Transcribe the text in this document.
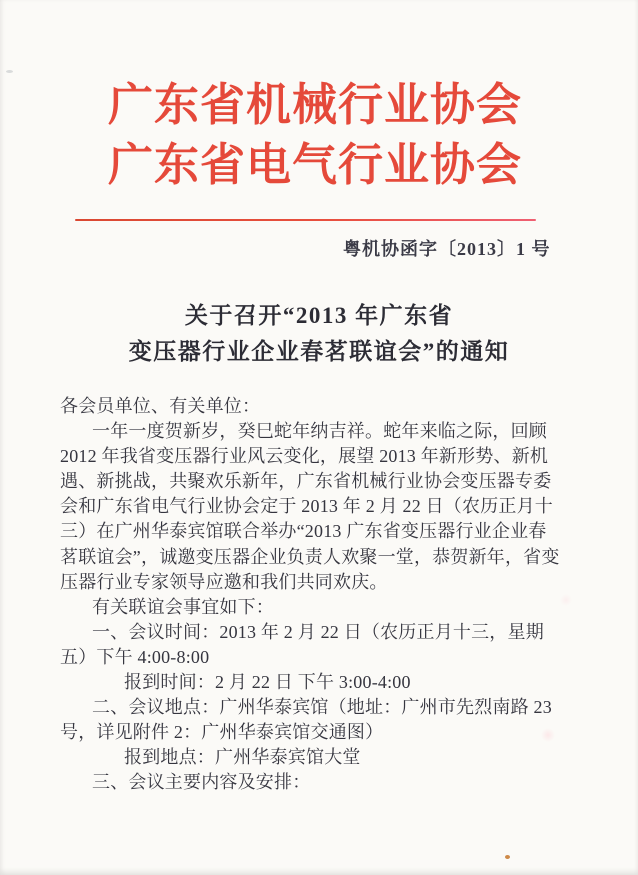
广东省机械行业协会
广东省电气行业协会
粤机协函字〔2013〕1 号
关于召开“2013 年广东省
变压器行业企业春茗联谊会”的通知
各会员单位、有关单位：
一年一度贺新岁，癸巳蛇年纳吉祥。蛇年来临之际，回顾
2012 年我省变压器行业风云变化，展望 2013 年新形势、新机
遇、新挑战，共聚欢乐新年，广东省机械行业协会变压器专委
会和广东省电气行业协会定于 2013 年 2 月 22 日（农历正月十
三）在广州华泰宾馆联合举办“2013 广东省变压器行业企业春
茗联谊会”，诚邀变压器企业负责人欢聚一堂，恭贺新年，省变
压器行业专家领导应邀和我们共同欢庆。
有关联谊会事宜如下：
一、会议时间：2013 年 2 月 22 日（农历正月十三，星期
五）下午 4:00-8:00
报到时间：2 月 22 日 下午 3:00-4:00
二、会议地点：广州华泰宾馆（地址：广州市先烈南路 23
号，详见附件 2：广州华泰宾馆交通图）
报到地点：广州华泰宾馆大堂
三、会议主要内容及安排：
